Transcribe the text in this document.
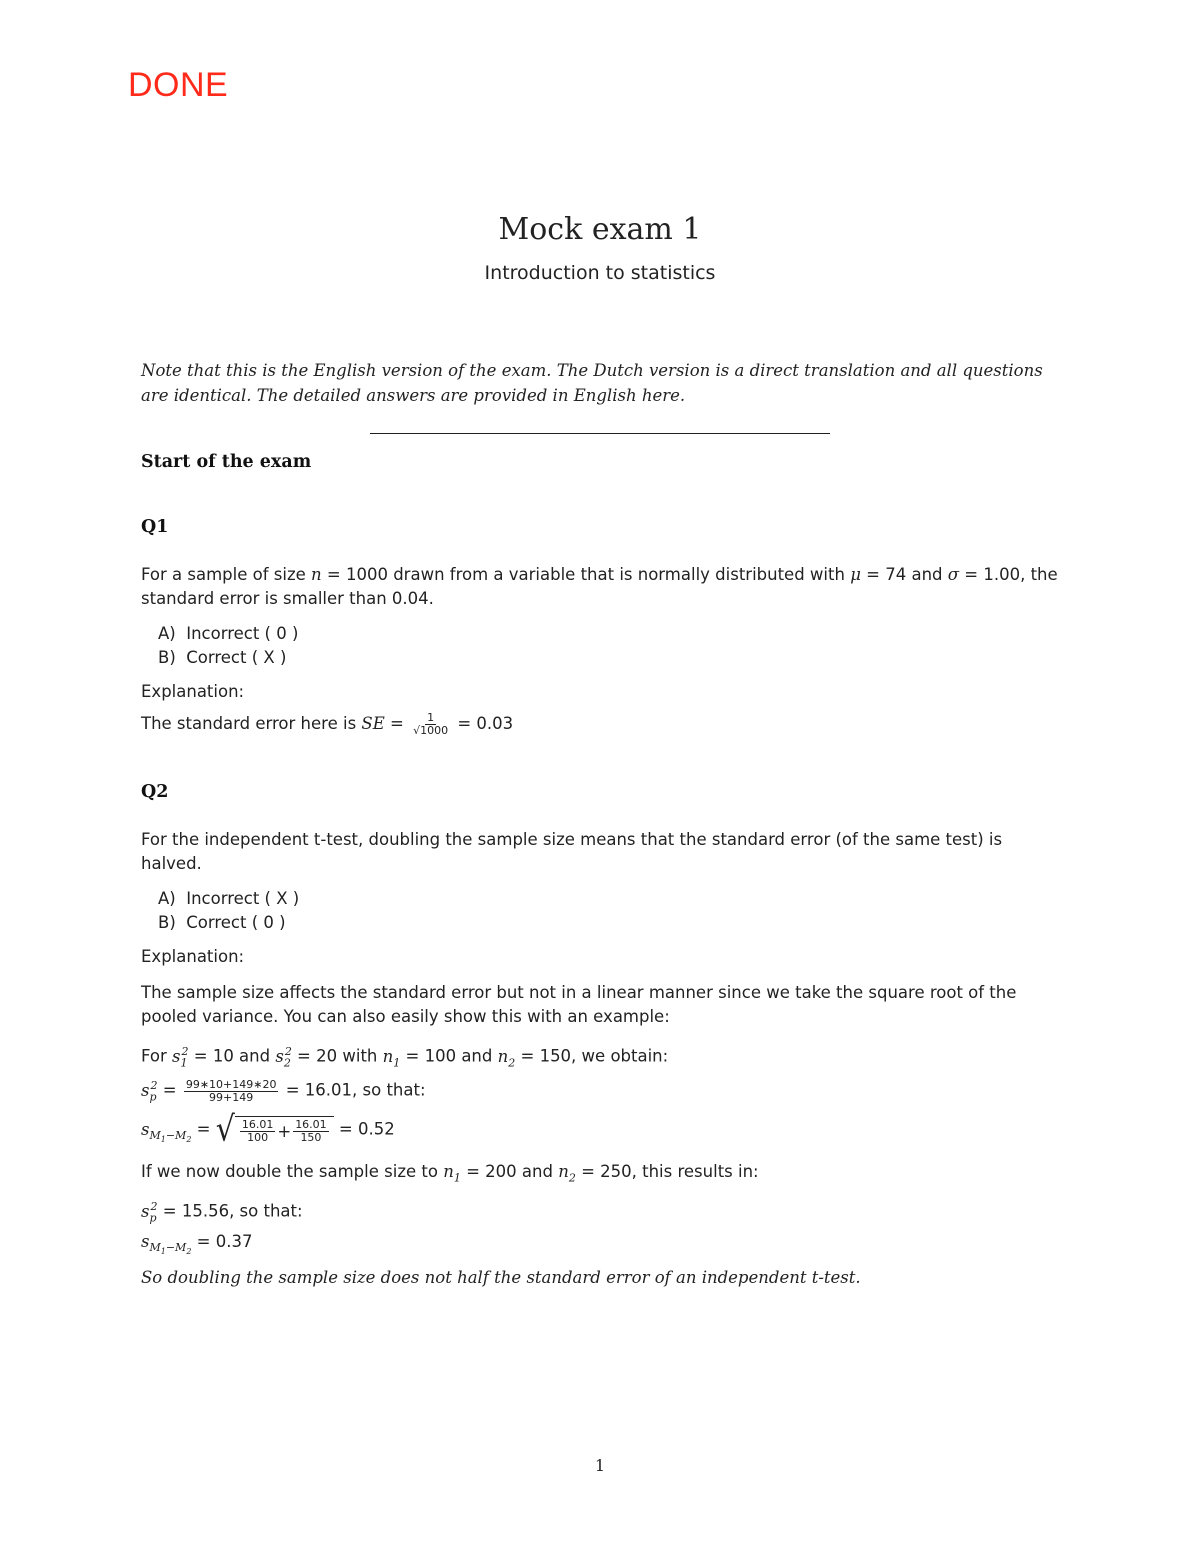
DONE
Mock exam 1
Introduction to statistics
Note that this is the English version of the exam. The Dutch version is a direct translation and all questions are identical. The detailed answers are provided in English here.
Start of the exam
Q1
For a sample of size n = 1000 drawn from a variable that is normally distributed with μ = 74 and σ = 1.00, the standard error is smaller than 0.04.
A)  Incorrect ( 0 )
B)  Correct ( X )
Explanation:
The standard error here is SE = $\frac{1}{√1000} = 0.03$
Q2
For the independent t-test, doubling the sample size means that the standard error (of the same test) is halved.
A)  Incorrect ( X )
B)  Correct ( 0 )
Explanation:
The sample size affects the standard error but not in a linear manner since we take the square root of the pooled variance. You can also easily show this with an example:
For $s_1^2 = 10$ and $s_2^2 = 20$ with $n_1 = 100$ and $n_2 = 150$, we obtain:
$s_p^2 = \frac{99∗10+149∗20}{99+149} = 16.01$, so that:
$s_{M_1-M_2}$ = √ $\frac{16.01}{100} + \frac{16.01}{150} = 0.52$
If we now double the sample size to $n_1 = 200$ and $n_2 = 250$, this results in:
$s_p^2 = 15.56$, so that:
$s_{M_1-M_2} = 0.37$
So doubling the sample size does not half the standard error of an independent t-test.
1
